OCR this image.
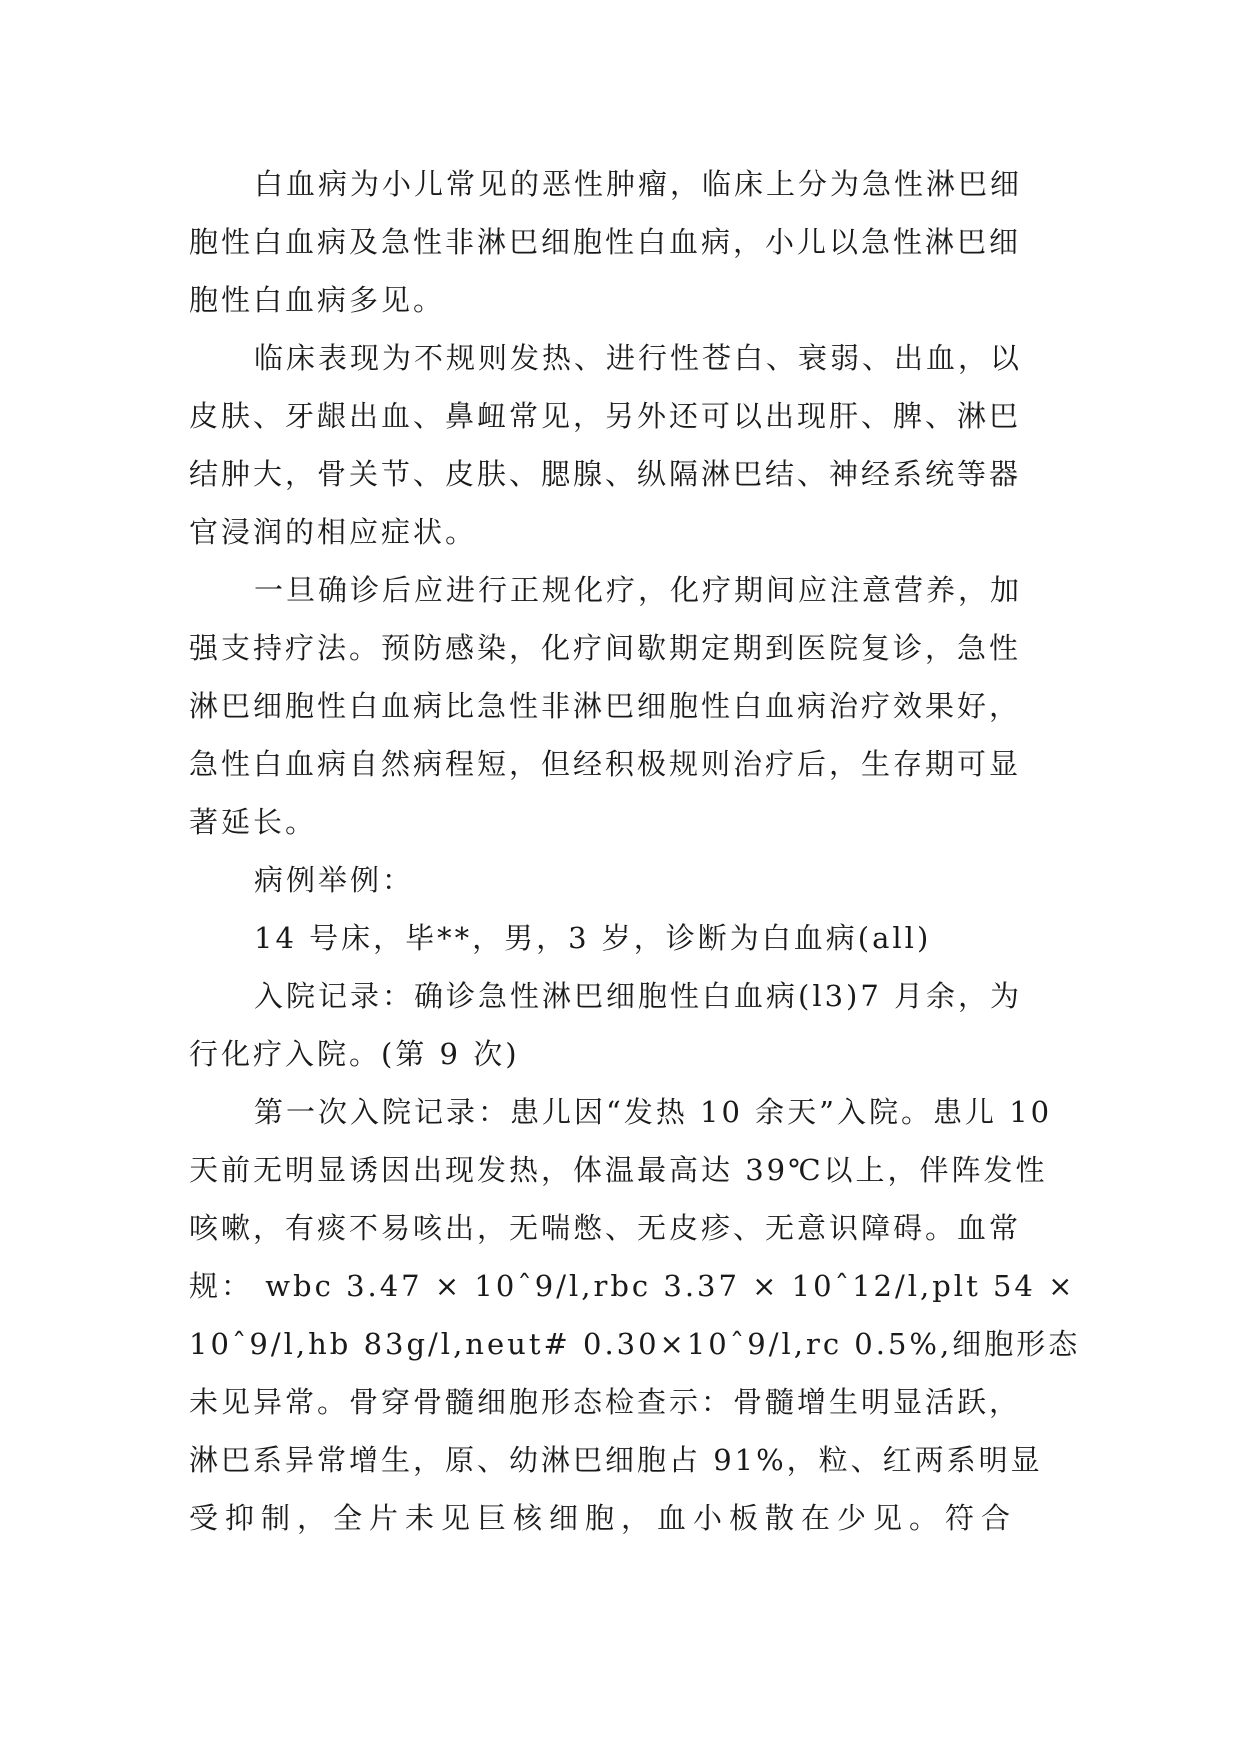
白血病为小儿常见的恶性肿瘤，临床上分为急性淋巴细
胞性白血病及急性非淋巴细胞性白血病，小儿以急性淋巴细
胞性白血病多见。
临床表现为不规则发热、进行性苍白、衰弱、出血，以
皮肤、牙龈出血、鼻衄常见，另外还可以出现肝、脾、淋巴
结肿大，骨关节、皮肤、腮腺、纵隔淋巴结、神经系统等器
官浸润的相应症状。
一旦确诊后应进行正规化疗，化疗期间应注意营养，加
强支持疗法。预防感染，化疗间歇期定期到医院复诊，急性
淋巴细胞性白血病比急性非淋巴细胞性白血病治疗效果好，
急性白血病自然病程短，但经积极规则治疗后，生存期可显
著延长。
病例举例：
14 号床，毕**，男，3 岁，诊断为白血病(all)
入院记录：确诊急性淋巴细胞性白血病(l3)7 月余，为
行化疗入院。(第 9 次)
第一次入院记录：患儿因“发热 10 余天”入院。患儿 10
天前无明显诱因出现发热，体温最高达 39℃以上，伴阵发性
咳嗽，有痰不易咳出，无喘憋、无皮疹、无意识障碍。血常
规： wbc 3.47 × 10ˆ9/l,rbc 3.37 × 10ˆ12/l,plt 54 ×
10ˆ9/l,hb 83g/l,neut# 0.30×10ˆ9/l,rc 0.5%,细胞形态
未见异常。骨穿骨髓细胞形态检查示：骨髓增生明显活跃，
淋巴系异常增生，原、幼淋巴细胞占 91%，粒、红两系明显
受抑制，全片未见巨核细胞，血小板散在少见。符合
